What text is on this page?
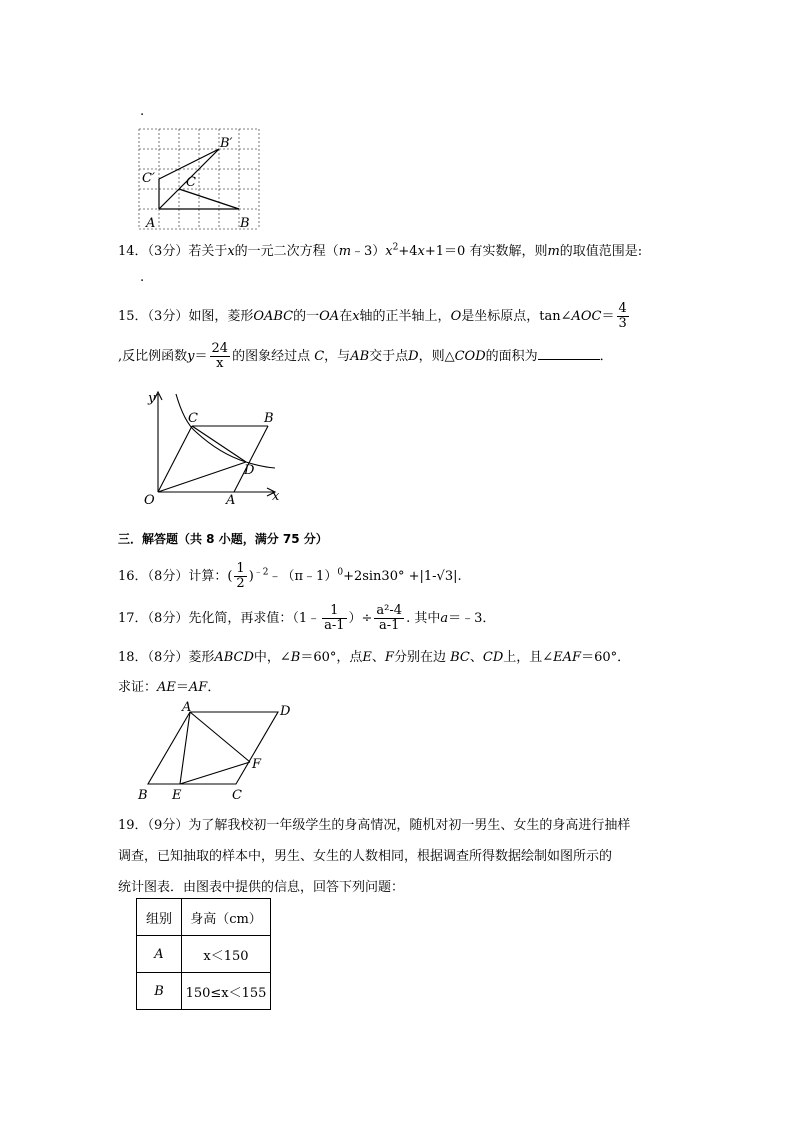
.
B′
C′ C
A	B
14．（3分）若关于x的一元二次方程$(m﹣3)x^2+4x+1=0$ 有实数解，则m的取值范围是:
.
15．（3分）如图，菱形OABC的一OA在x轴的正半轴上，O是坐标原点，tan∠AOC＝ $\frac{4}{3}$
,反比例函数$y= \frac{24}{x}$ 的图象经过点 C，与AB交于点D，则△COD的面积为	．
y
C	B
D
O	A	x
三．解答题（共 8 小题，满分 75 分）
16．（8分）计算：( $\frac{1}{2}$ )$^{﹣2}$﹣（π﹣1）$^0$+2sin30° +|1-√3|.
17．（8分）先化简，再求值：（1﹣ $\frac{1}{a-1}$ ）÷ $\frac{\text{a²-4}}{a-1}$ . 其中a＝﹣3．
18．（8分）菱形ABCD中，∠B＝60°，点E、F分别在边 BC、CD上，且∠EAF＝60°．
求证：AE＝AF．
A	D
F
B E	C
19．（9分）为了解我校初一年级学生的身高情况，随机对初一男生、女生的身高进行抽样
调查，已知抽取的样本中，男生、女生的人数相同，根据调查所得数据绘制如图所示的
统计图表．由图表中提供的信息，回答下列问题：
组别	身高（cm）
A	x＜150
B	150≤x＜155
